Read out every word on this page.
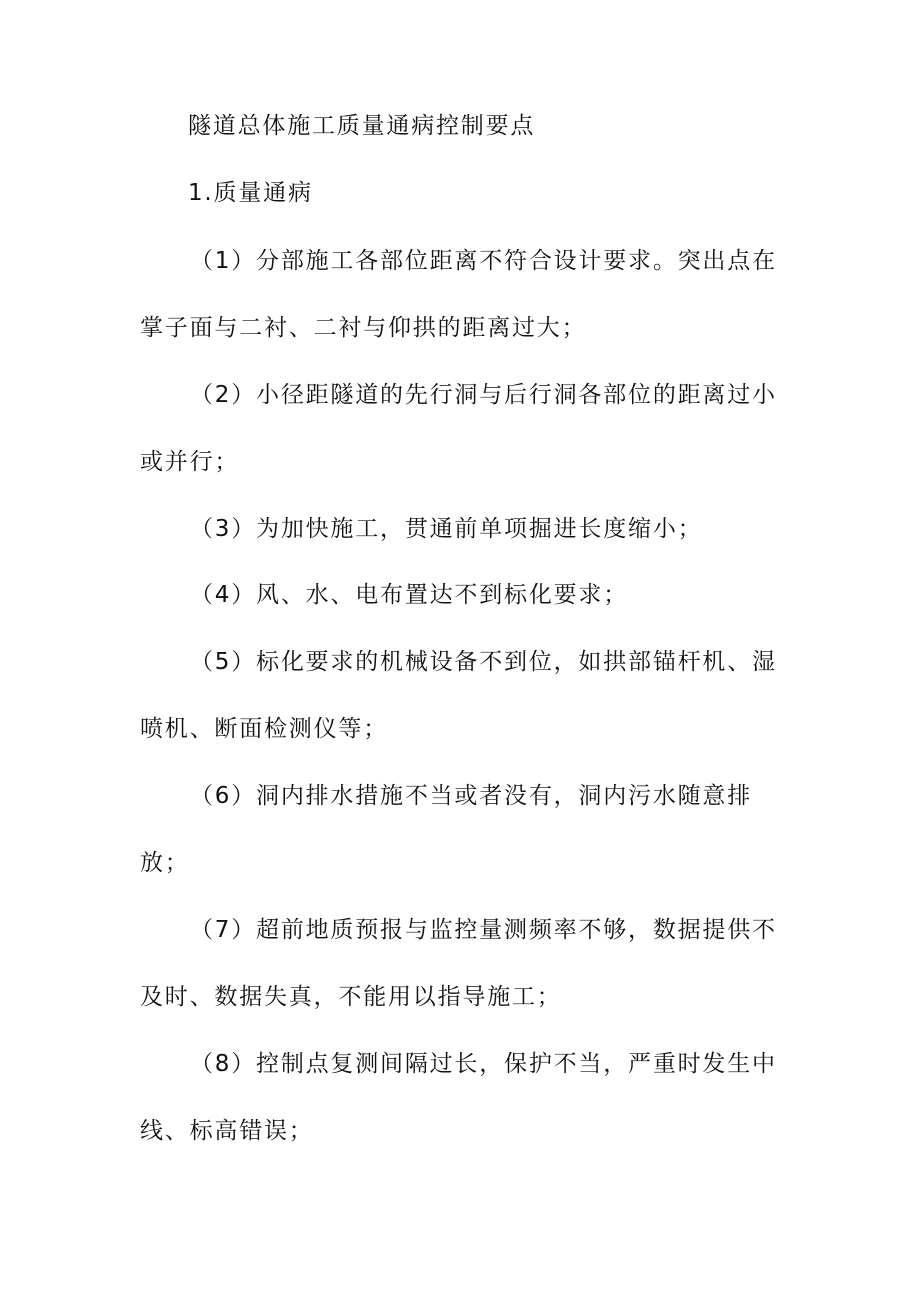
隧道总体施工质量通病控制要点

1.质量通病

（1）分部施工各部位距离不符合设计要求。突出点在

掌子面与二衬、二衬与仰拱的距离过大；

（2）小径距隧道的先行洞与后行洞各部位的距离过小

或并行；

（3）为加快施工，贯通前单项掘进长度缩小；

（4）风、水、电布置达不到标化要求；

（5）标化要求的机械设备不到位，如拱部锚杆机、湿

喷机、断面检测仪等；

（6）洞内排水措施不当或者没有，洞内污水随意排

放；

（7）超前地质预报与监控量测频率不够，数据提供不

及时、数据失真，不能用以指导施工；

（8）控制点复测间隔过长，保护不当，严重时发生中

线、标高错误；
